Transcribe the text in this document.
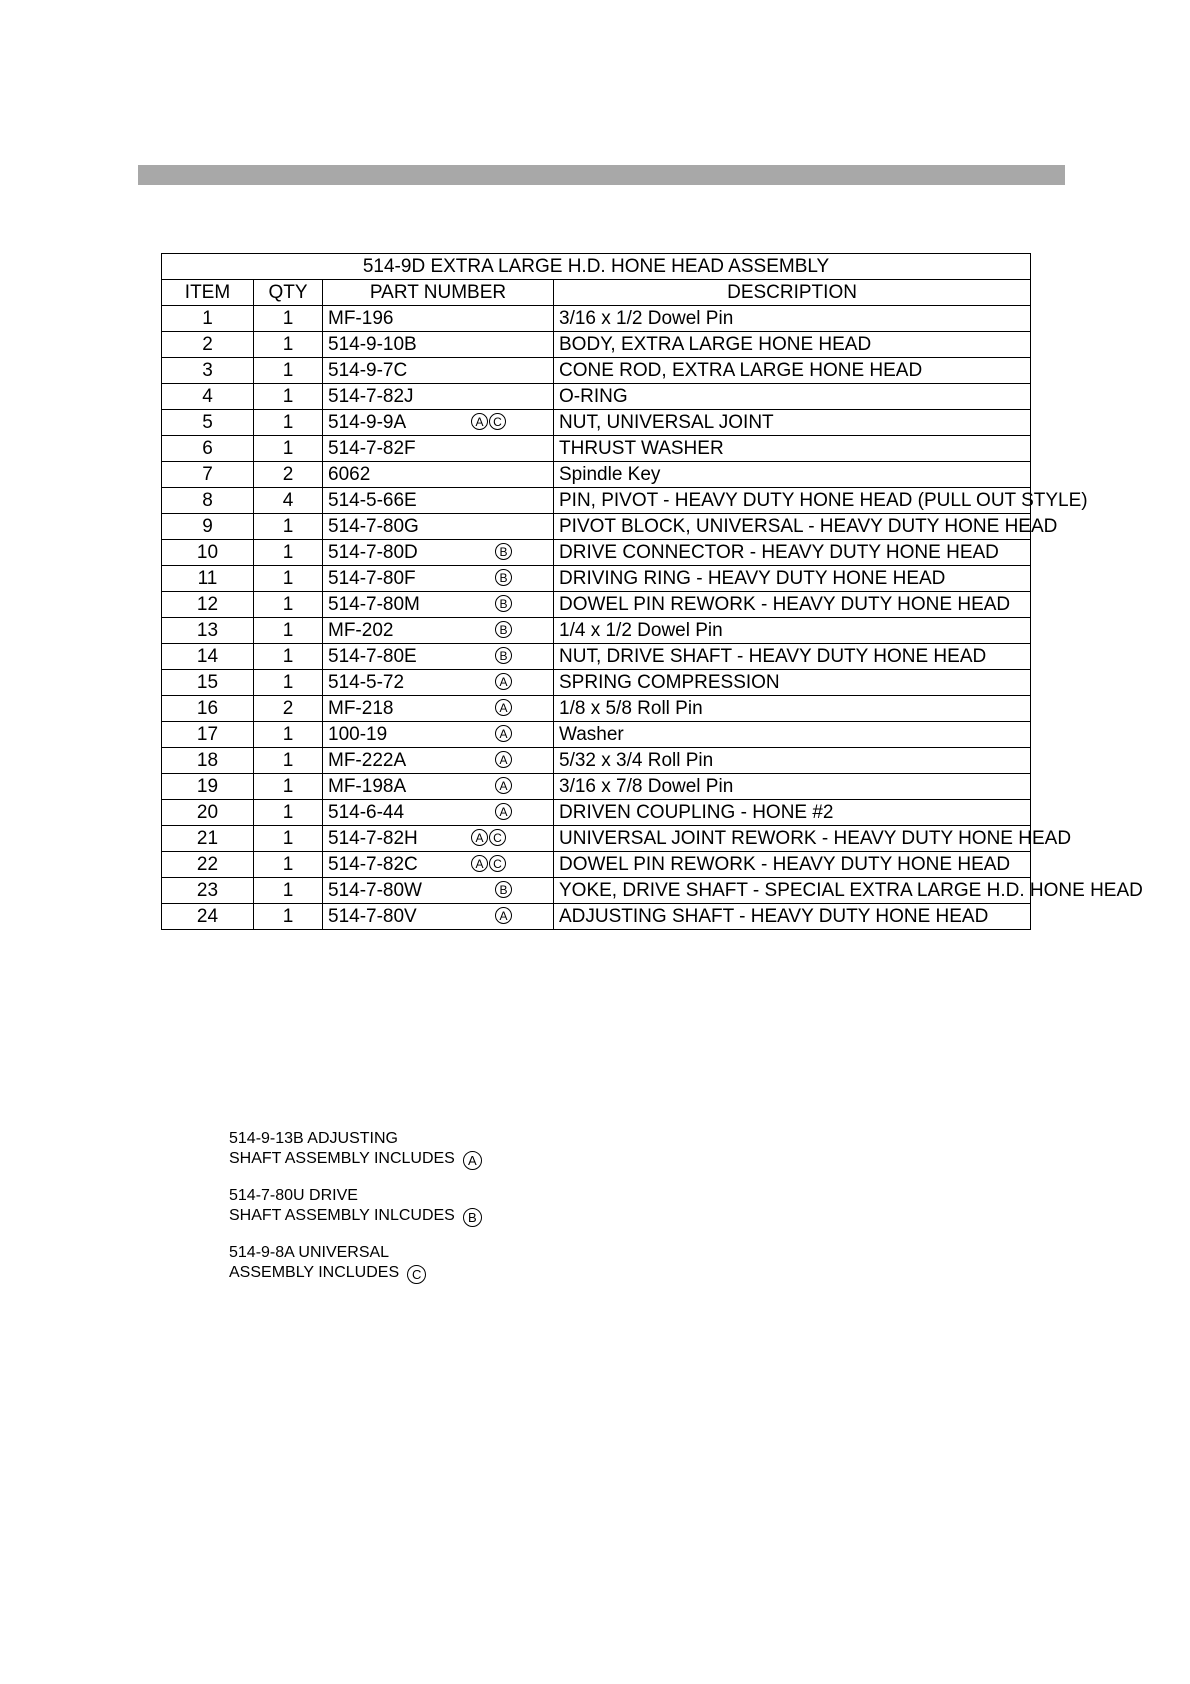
514-9D EXTRA LARGE H.D. HONE HEAD ASSEMBLY			
ITEM	QTY	PART NUMBER	DESCRIPTION
1	1	MF-196	3/16 x 1/2 Dowel Pin
2	1	514-9-10B	BODY, EXTRA LARGE HONE HEAD
3	1	514-9-7C	CONE ROD, EXTRA LARGE HONE HEAD
4	1	514-7-82J	O-RING
5	1	514-9-9A A C	NUT, UNIVERSAL JOINT
6	1	514-7-82F	THRUST WASHER
7	2	6062	Spindle Key
8	4	514-5-66E	PIN, PIVOT - HEAVY DUTY HONE HEAD (PULL OUT STYLE)
9	1	514-7-80G	PIVOT BLOCK, UNIVERSAL - HEAVY DUTY HONE HEAD
10	1	514-7-80D B	DRIVE CONNECTOR - HEAVY DUTY HONE HEAD
11	1	514-7-80F B	DRIVING RING - HEAVY DUTY HONE HEAD
12	1	514-7-80M B	DOWEL PIN REWORK - HEAVY DUTY HONE HEAD
13	1	MF-202 B	1/4 x 1/2 Dowel Pin
14	1	514-7-80E B	NUT, DRIVE SHAFT - HEAVY DUTY HONE HEAD
15	1	514-5-72 A	SPRING COMPRESSION
16	2	MF-218 A	1/8 x 5/8 Roll Pin
17	1	100-19 A	Washer
18	1	MF-222A A	5/32 x 3/4 Roll Pin
19	1	MF-198A A	3/16 x 7/8 Dowel Pin
20	1	514-6-44 A	DRIVEN COUPLING - HONE #2
21	1	514-7-82H A C	UNIVERSAL JOINT REWORK - HEAVY DUTY HONE HEAD
22	1	514-7-82C A C	DOWEL PIN REWORK - HEAVY DUTY HONE HEAD
23	1	514-7-80W B	YOKE, DRIVE SHAFT - SPECIAL EXTRA LARGE H.D. HONE HEAD
24	1	514-7-80V A	ADJUSTING SHAFT - HEAVY DUTY HONE HEAD
514-9-13B ADJUSTING
SHAFT ASSEMBLY INCLUDES A
514-7-80U DRIVE
SHAFT ASSEMBLY INLCUDES B
514-9-8A UNIVERSAL
ASSEMBLY INCLUDES C
